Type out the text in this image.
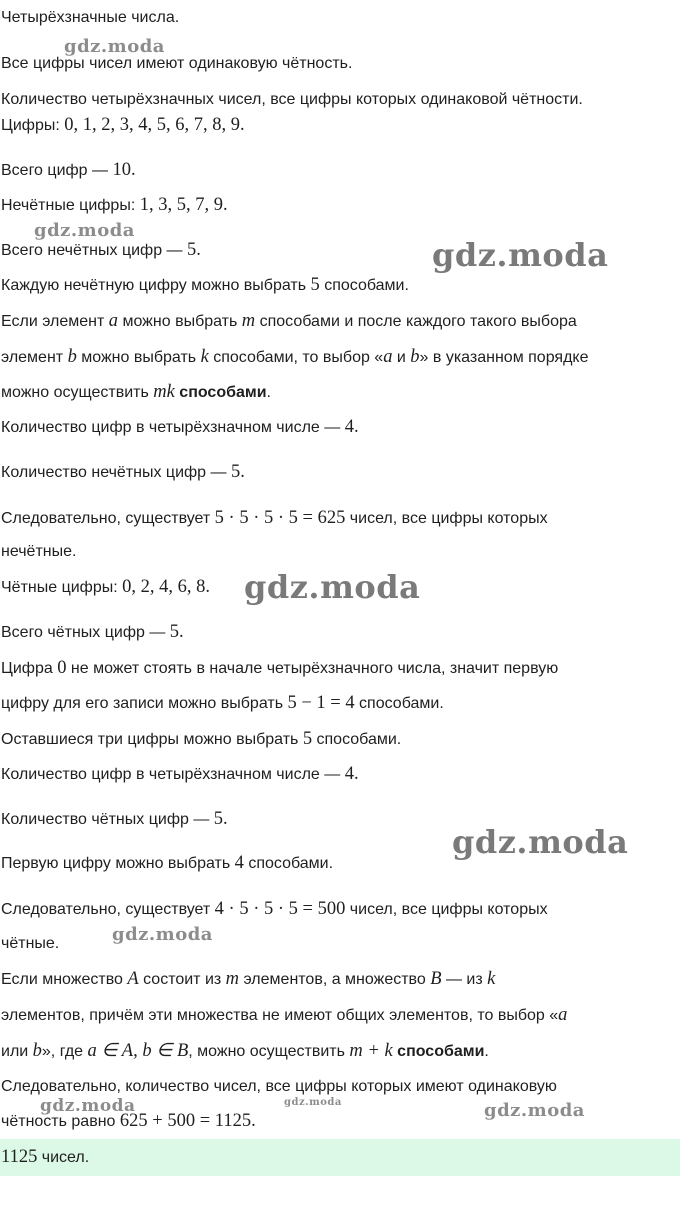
gdz.moda
gdz.moda
gdz.moda
gdz.moda
gdz.moda
gdz.moda
gdz.moda	gdz.moda	gdz.moda
Четырёхзначные числа.
Все цифры чисел имеют одинаковую чётность.
Количество четырёхзначных чисел, все цифры которых одинаковой чётности.
Цифры: 0, 1, 2, 3, 4, 5, 6, 7, 8, 9.
Всего цифр — 10.
Нечётные цифры: 1, 3, 5, 7, 9.
Всего нечётных цифр — 5.
Каждую нечётную цифру можно выбрать 5 способами.
Если элемент a можно выбрать m способами и после каждого такого выбора
элемент b можно выбрать k способами, то выбор «a и b» в указанном порядке
можно осуществить mk способами.
Количество цифр в четырёхзначном числе — 4.
Количество нечётных цифр — 5.
Следовательно, существует 5 · 5 · 5 · 5 = 625 чисел, все цифры которых
нечётные.
Чётные цифры: 0, 2, 4, 6, 8.
Всего чётных цифр — 5.
Цифра 0 не может стоять в начале четырёхзначного числа, значит первую
цифру для его записи можно выбрать 5 − 1 = 4 способами.
Оставшиеся три цифры можно выбрать 5 способами.
Количество цифр в четырёхзначном числе — 4.
Количество чётных цифр — 5.
Первую цифру можно выбрать 4 способами.
Следовательно, существует 4 · 5 · 5 · 5 = 500 чисел, все цифры которых
чётные.
Если множество A состоит из m элементов, а множество B — из k
элементов, причём эти множества не имеют общих элементов, то выбор «a
или b», где a ∈ A, b ∈ B, можно осуществить m + k способами.
Следовательно, количество чисел, все цифры которых имеют одинаковую
чётность равно 625 + 500 = 1125.
1125 чисел.
